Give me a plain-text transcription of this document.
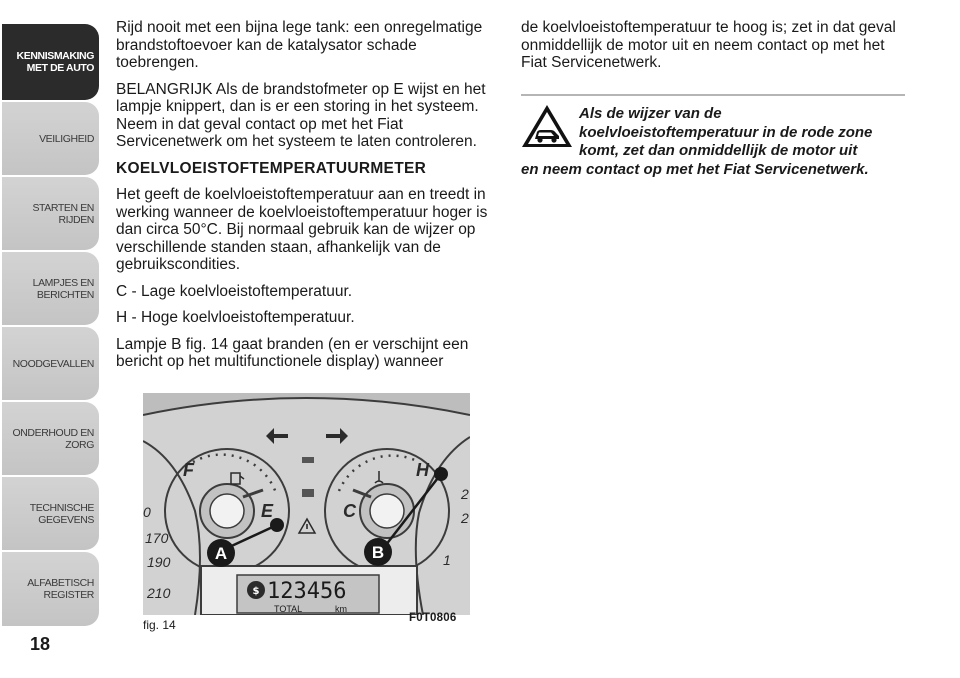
KENNISMAKING
MET DE AUTO
VEILIGHEID
STARTEN EN RIJDEN
LAMPJES EN
BERICHTEN
NOODGEVALLEN
ONDERHOUD EN
ZORG
TECHNISCHE
GEGEVENS
ALFABETISCH
REGISTER
18

Rijd nooit met een bijna lege tank: een onregelmatige brandstoftoevoer kan de katalysator schade toebrengen.

BELANGRIJK Als de brandstofmeter op E wijst en het lampje knippert, dan is er een storing in het systeem. Neem in dat geval contact op met het Fiat Servicenetwerk om het systeem te laten controleren.

KOELVLOEISTOFTEMPERATUURMETER

Het geeft de koelvloeistoftemperatuur aan en treedt in werking wanneer de koelvloeistoftemperatuur hoger is dan circa 50°C. Bij normaal gebruik kan de wijzer op verschillende standen staan, afhankelijk van de gebruikscondities.

C - Lage koelvloeistoftemperatuur.

H - Hoge koelvloeistoftemperatuur.

Lampje B fig. 14 gaat branden (en er verschijnt een bericht op het multifunctionele display) wanneer

de koelvloeistoftemperatuur te hoog is; zet in dat geval onmiddellijk de motor uit en neem contact op met het Fiat Servicenetwerk.

Als de wijzer van de
koelvloeistoftemperatuur in de rode zone
komt, zet dan onmiddellijk de motor uit
en neem contact op met het Fiat Servicenetwerk.
$ 123456
TOTAL	km
F
E
H
C
0
170
190
210
2
2
1
A	B
fig. 14	F0T0806
